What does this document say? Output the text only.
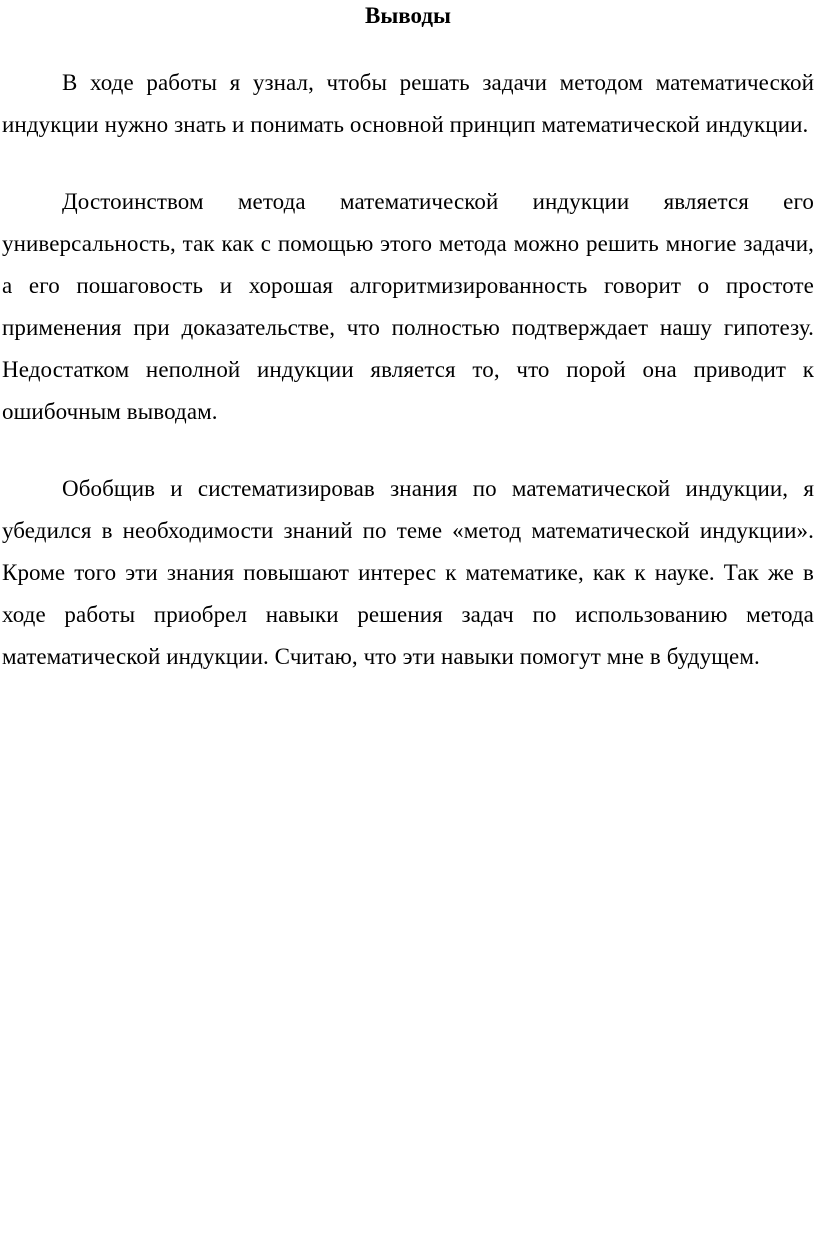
Выводы

В ходе работы я узнал, чтобы решать задачи методом математической индукции нужно знать и понимать основной принцип математической индукции.

Достоинством метода математической индукции является его универсальность, так как с помощью этого метода можно решить многие задачи, а его пошаговость и хорошая алгоритмизированность говорит о простоте применения при доказательстве, что полностью подтверждает нашу гипотезу. Недостатком неполной индукции является то, что порой она приводит к ошибочным выводам.

Обобщив и систематизировав знания по математической индукции, я убедился в необходимости знаний по теме «метод математической индукции». Кроме того эти знания повышают интерес к математике, как к науке. Так же в ходе работы приобрел навыки решения задач по использованию метода математической индукции. Считаю, что эти навыки помогут мне в будущем.
